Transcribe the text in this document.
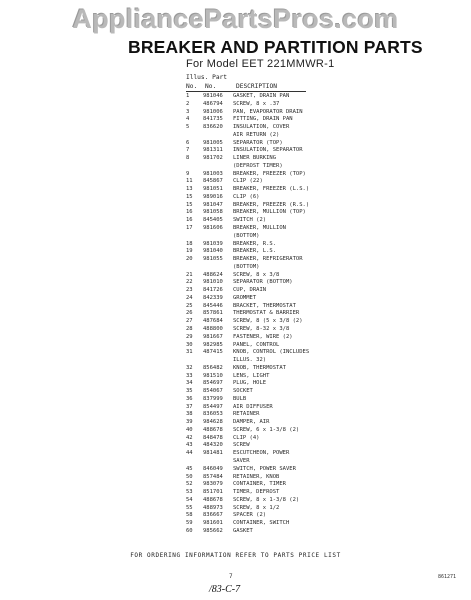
AppliancePartsPros.com
BREAKER AND PARTITION PARTS
For Model EET 221MMWR-1
Illus. Part
No. No.	DESCRIPTION
1	981046	GASKET, DRAIN PAN
2	486794	SCREW, 8 x .37
3	981006	PAN, EVAPORATOR DRAIN
4	841735	FITTING, DRAIN PAN
5	836620	INSULATION, COVER
AIR RETURN (2)
6	981005	SEPARATOR (TOP)
7	981311	INSULATION, SEPARATOR
8	981702	LINER BURKING
(DEFROST TIMER)
9	981003	BREAKER, FREEZER (TOP)
11	845867	CLIP (22)
13	981051	BREAKER, FREEZER (L.S.)
15	989016	CLIP (6)
15	981047	BREAKER, FREEZER (R.S.)
16	981058	BREAKER, MULLION (TOP)
16	845405	SWITCH (2)
17	981606	BREAKER, MULLION
(BOTTOM)
18	981039	BREAKER, R.S.
19	981040	BREAKER, L.S.
20	981055	BREAKER, REFRIGERATOR
(BOTTOM)
21	488624	SCREW, 8 x 3/8
22	981010	SEPARATOR (BOTTOM)
23	841726	CUP, DRAIN
24	842339	GROMMET
25	845446	BRACKET, THERMOSTAT
26	857861	THERMOSTAT & BARRIER
27	487684	SCREW, 8 (5 x 3/8 (2)
28	488800	SCREW, 8-32 x 3/8
29	981667	FASTENER, WIRE (2)
30	982985	PANEL, CONTROL
31	487415	KNOB, CONTROL (INCLUDES
ILLUS. 32)
32	856482	KNOB, THERMOSTAT
33	981510	LENS, LIGHT
34	854697	PLUG, HOLE
35	854067	SOCKET
36	837999	BULB
37	854497	AIR DIFFUSER
38	836053	RETAINER
39	984628	DAMPER, AIR
40	488678	SCREW, 6 x 1-3/8 (2)
42	848478	CLIP (4)
43	484320	SCREW
44	981481	ESCUTCHEON, POWER
SAVER
45	846049	SWITCH, POWER SAVER
50	857484	RETAINER, KNOB
52	983079	CONTAINER, TIMER
53	851701	TIMER, DEFROST
54	488678	SCREW, 8 x 1-3/8 (2)
55	488973	SCREW, 8 x 1/2
58	836667	SPACER (2)
59	981601	CONTAINER, SWITCH
60	985662	GASKET
FOR ORDERING INFORMATION REFER TO PARTS PRICE LIST
7	861271
/83-C-7
